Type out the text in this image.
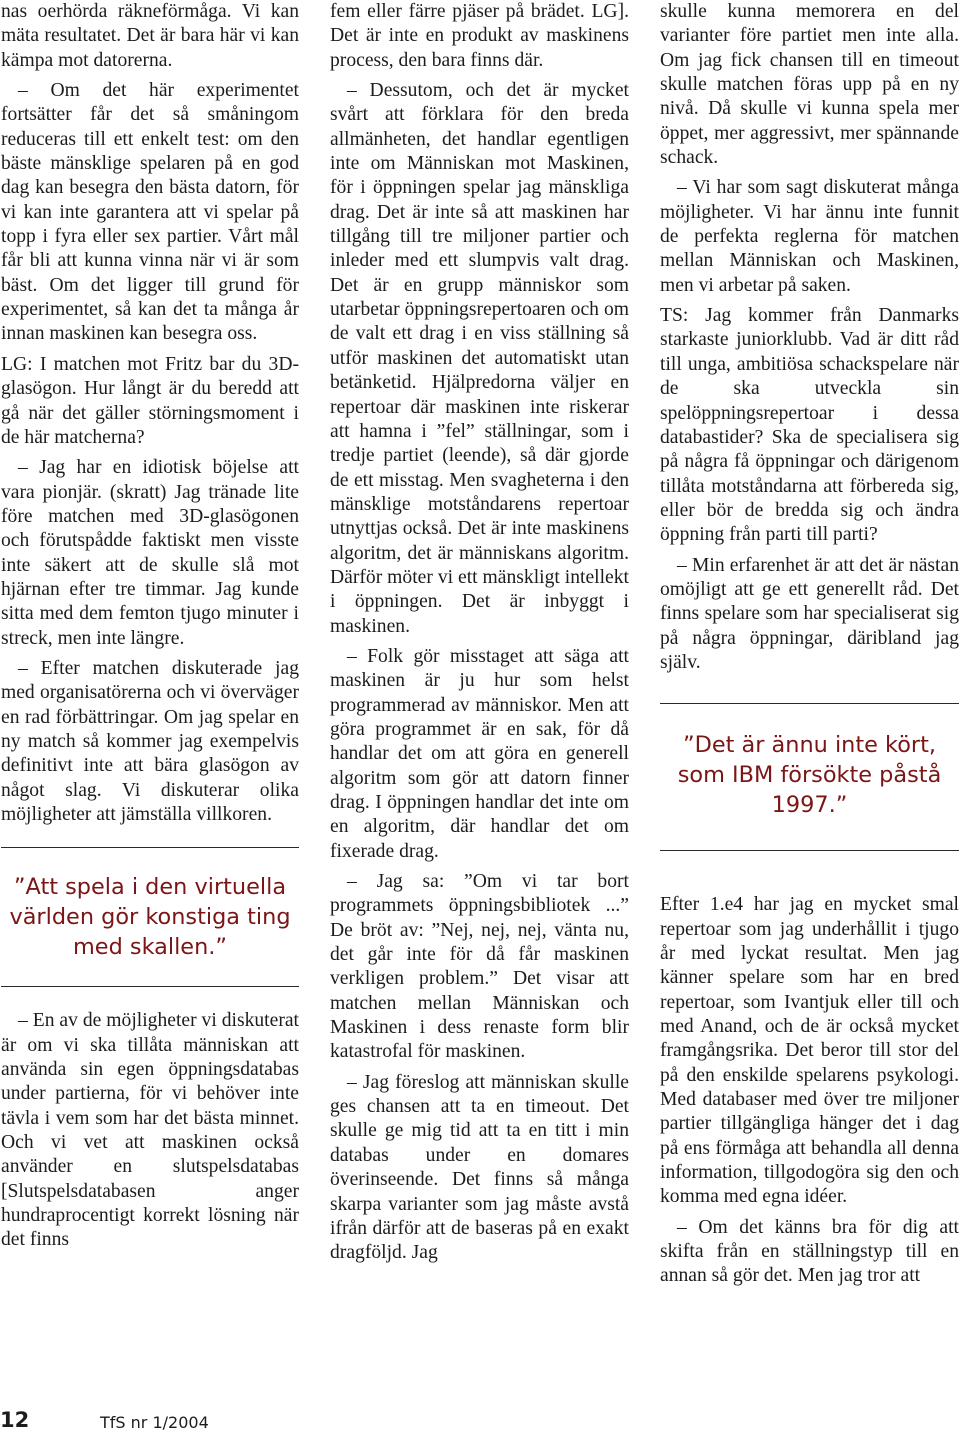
nas oerhörda räkneförmåga. Vi kan mäta resultatet. Det är bara här vi kan kämpa mot datorerna.

– Om det här experimentet fortsätter får det så småningom reduceras till ett enkelt test: om den bäste mänsklige spelaren på en god dag kan besegra den bästa datorn, för vi kan inte garantera att vi spelar på topp i fyra eller sex partier. Vårt mål får bli att kunna vinna när vi är som bäst. Om det ligger till grund för experimentet, så kan det ta många år innan maskinen kan besegra oss.

LG: I matchen mot Fritz bar du 3D-glasögon. Hur långt är du beredd att gå när det gäller störningsmoment i de här matcherna?

– Jag har en idiotisk böjelse att vara pionjär. (skratt) Jag tränade lite före matchen med 3D-glasögonen och förutspådde faktiskt men visste inte säkert att de skulle slå mot hjärnan efter tre timmar. Jag kunde sitta med dem femton tjugo minuter i streck, men inte längre.

– Efter matchen diskuterade jag med organisatörerna och vi överväger en rad förbättringar. Om jag spelar en ny match så kommer jag exempelvis definitivt inte att bära glasögon av något slag. Vi diskuterar olika möjligheter att jämställa villkoren.

”Att spela i den virtuella världen gör konstiga ting med skallen.”

– En av de möjligheter vi diskuterat är om vi ska tillåta människan att använda sin egen öppningsdatabas under partierna, för vi behöver inte tävla i vem som har det bästa minnet. Och vi vet att maskinen också använder en slutspelsdatabas [Slutspelsdatabasen anger hundraprocentigt korrekt lösning när det finns

fem eller färre pjäser på brädet. LG]. Det är inte en produkt av maskinens process, den bara finns där.

– Dessutom, och det är mycket svårt att förklara för den breda allmänheten, det handlar egentligen inte om Människan mot Maskinen, för i öppningen spelar jag mänskliga drag. Det är inte så att maskinen har tillgång till tre miljoner partier och inleder med ett slumpvis valt drag. Det är en grupp människor som utarbetar öppningsrepertoaren och om de valt ett drag i en viss ställning så utför maskinen det automatiskt utan betänketid. Hjälpredorna väljer en repertoar där maskinen inte riskerar att hamna i ”fel” ställningar, som i tredje partiet (leende), så där gjorde de ett misstag. Men svagheterna i den mänsklige motståndarens repertoar utnyttjas också. Det är inte maskinens algoritm, det är människans algoritm. Därför möter vi ett mänskligt intellekt i öppningen. Det är inbyggt i maskinen.

– Folk gör misstaget att säga att maskinen är ju hur som helst programmerad av människor. Men att göra programmet är en sak, för då handlar det om att göra en generell algoritm som gör att datorn finner drag. I öppningen handlar det inte om en algoritm, där handlar det om fixerade drag.

– Jag sa: ”Om vi tar bort programmets öppningsbibliotek ...” De bröt av: ”Nej, nej, nej, vänta nu, det går inte för då får maskinen verkligen problem.” Det visar att matchen mellan Människan och Maskinen i dess renaste form blir katastrofal för maskinen.

– Jag föreslog att människan skulle ges chansen att ta en timeout. Det skulle ge mig tid att ta en titt i min databas under en domares överinseende. Det finns så många skarpa varianter som jag måste avstå ifrån därför att de baseras på en exakt dragföljd. Jag

skulle kunna memorera en del varianter före partiet men inte alla. Om jag fick chansen till en timeout skulle matchen föras upp på en ny nivå. Då skulle vi kunna spela mer öppet, mer aggressivt, mer spännande schack.

– Vi har som sagt diskuterat många möjligheter. Vi har ännu inte funnit de perfekta reglerna för matchen mellan Människan och Maskinen, men vi arbetar på saken.

TS: Jag kommer från Danmarks starkaste juniorklubb. Vad är ditt råd till unga, ambitiösa schackspelare när de ska utveckla sin spelöppningsrepertoar i dessa databastider? Ska de specialisera sig på några få öppningar och därigenom tillåta motståndarna att förbereda sig, eller bör de bredda sig och ändra öppning från parti till parti?

– Min erfarenhet är att det är nästan omöjligt att ge ett generellt råd. Det finns spelare som har specialiserat sig på några öppningar, däribland jag själv.

”Det är ännu inte kört, som IBM försökte påstå 1997.”

Efter 1.e4 har jag en mycket smal repertoar som jag underhållit i tjugo år med lyckat resultat. Men jag känner spelare som har en bred repertoar, som Ivantjuk eller till och med Anand, och de är också mycket framgångsrika. Det beror till stor del på den enskilde spelarens psykologi. Med databaser med över tre miljoner partier tillgängliga hänger det i dag på ens förmåga att behandla all denna information, tillgodogöra sig den och komma med egna idéer.

– Om det känns bra för dig att skifta från en ställningstyp till en annan så gör det. Men jag tror att

12	TfS nr 1/2004
